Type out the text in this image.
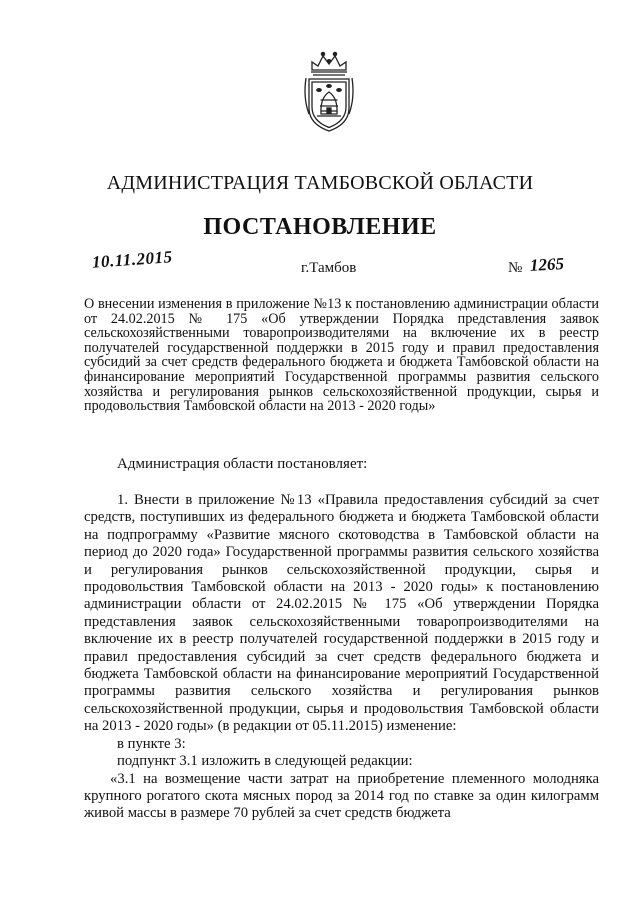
АДМИНИСТРАЦИЯ ТАМБОВСКОЙ ОБЛАСТИ
ПОСТАНОВЛЕНИЕ
10.11.2015	г.Тамбов	№ 1265
О внесении изменения в приложение №13 к постановлению администрации области от 24.02.2015 № 175 «Об утверждении Порядка представления заявок сельскохозяйственными товаропроизводителями на включение их в реестр получателей государственной поддержки в 2015 году и правил предоставления субсидий за счет средств федерального бюджета и бюджета Тамбовской области на финансирование мероприятий Государственной программы развития сельского хозяйства и регулирования рынков сельскохозяйственной продукции, сырья и продовольствия Тамбовской области на 2013 - 2020 годы»
Администрация области постановляет:

1. Внести в приложение №13 «Правила предоставления субсидий за счет средств, поступивших из федерального бюджета и бюджета Тамбовской области на подпрограмму «Развитие мясного скотоводства в Тамбовской области на период до 2020 года» Государственной программы развития сельского хозяйства и регулирования рынков сельскохозяйственной продукции, сырья и продовольствия Тамбовской области на 2013 - 2020 годы» к постановлению администрации области от 24.02.2015 № 175 «Об утверждении Порядка представления заявок сельскохозяйственными товаропроизводителями на включение их в реестр получателей государственной поддержки в 2015 году и правил предоставления субсидий за счет средств федерального бюджета и бюджета Тамбовской области на финансирование мероприятий Государственной программы развития сельского хозяйства и регулирования рынков сельскохозяйственной продукции, сырья и продовольствия Тамбовской области на 2013 - 2020 годы» (в редакции от 05.11.2015) изменение:

в пункте 3:

подпункт 3.1 изложить в следующей редакции:

«3.1 на возмещение части затрат на приобретение племенного молодняка крупного рогатого скота мясных пород за 2014 год по ставке за один килограмм живой массы в размере 70 рублей за счет средств бюджета
